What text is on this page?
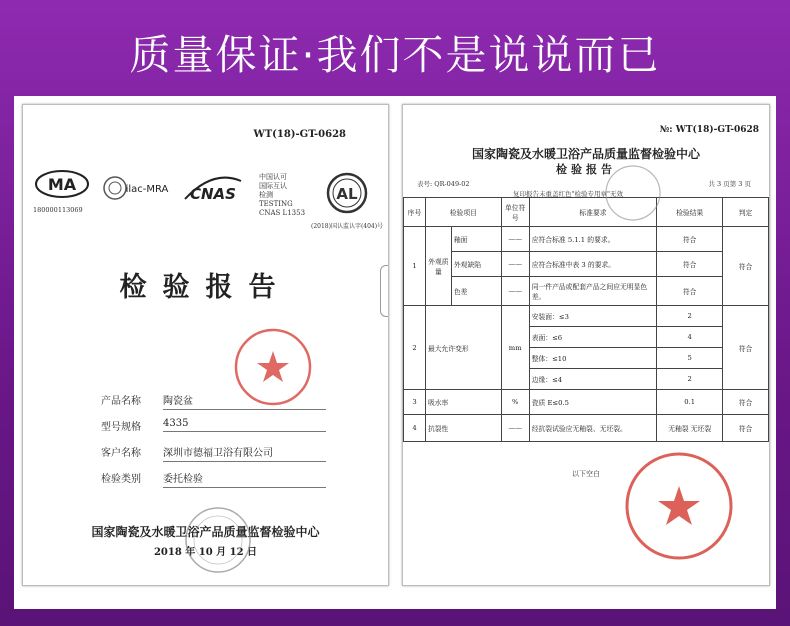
质量保证·我们不是说说而已
WT(18)-GT-0628
MA
180000113069
ilac-MRA CNAS
中国认可
国际互认
检测
TESTING
CNAS L1353
AL
(2018)国认监认字(404)号
检验报告
产品名称	陶瓷盆
型号规格	4335
客户名称	深圳市德福卫浴有限公司
检验类别	委托检验
国家陶瓷及水暖卫浴产品质量监督检验中心
2018 年 10 月 12 日
№: WT(18)-GT-0628
国家陶瓷及水暖卫浴产品质量监督检验中心
检验报告
表号: QR-049-02	共 3 页第 3 页
复印报告未重盖红色"检验专用章"无效
序号	检验项目		单位符号	标准要求	检验结果	判定
1	外观质量	釉面	——	应符合标准 5.1.1 的要求。	符合	符合
		外观缺陷	——	应符合标准中表 3 的要求。	符合	
		色差	——	同一件产品或配套产品之间应无明显色差。	符合	
2	最大允许变形		mm	安装面：≤3	2	符合
				表面：≤6	4	
				整体：≤10	5	
				边缘：≤4	2	
3	吸水率		%	瓷质 E≤0.5	0.1	符合
4	抗裂性		——	经抗裂试验应无釉裂、无坯裂。	无釉裂 无坯裂	符合
以下空白
